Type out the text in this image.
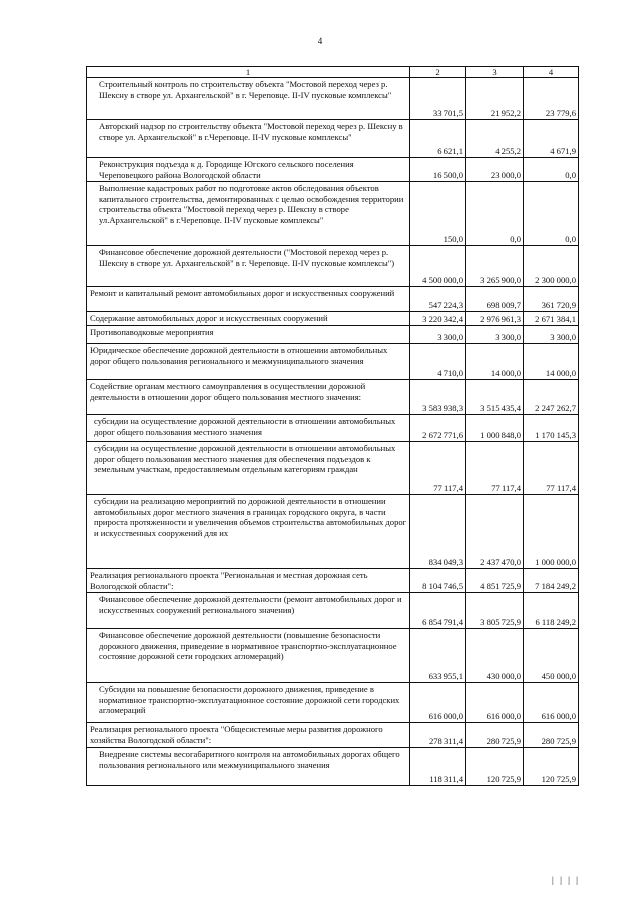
4
1	2	3	4
Строительный контроль по строительству объекта "Мостовой переход через р. Шексну в створе ул. Архангельской" в г. Череповце. II-IV пусковые комплексы"	33 701,5	21 952,2	23 779,6
Авторский надзор по строительству объекта "Мостовой переход через р. Шексну в створе ул. Архангельской" в г.Череповце. II-IV пусковые комплексы"	6 621,1	4 255,2	4 671,9
Реконструкция подъезда к д. Городище Югского сельского поселения Череповецкого района Вологодской области	16 500,0	23 000,0	0,0
Выполнение кадастровых работ по подготовке актов обследования объектов капитального строительства, демонтированных с целью освобождения территории строительства объекта "Мостовой переход через р. Шексну в створе ул.Архангельской" в г.Череповце. II-IV пусковые комплексы"	150,0	0,0	0,0
Финансовое обеспечение дорожной деятельности ("Мостовой переход через р. Шексну в створе ул. Архангельской" в г. Череповце. II-IV пусковые комплексы")	4 500 000,0	3 265 900,0	2 300 000,0
Ремонт и капитальный ремонт автомобильных дорог и искусственных сооружений	547 224,3	698 009,7	361 720,9
Содержание автомобильных дорог и искусственных сооружений	3 220 342,4	2 976 961,3	2 671 384,1
Противопаводковые мероприятия	3 300,0	3 300,0	3 300,0
Юридическое обеспечение дорожной деятельности в отношении автомобильных дорог общего пользования регионального и межмуниципального значения	4 710,0	14 000,0	14 000,0
Содействие органам местного самоуправления в осуществлении дорожной деятельности в отношении дорог общего пользования местного значения:	3 583 938,3	3 515 435,4	2 247 262,7
субсидии на осуществление дорожной деятельности в отношении автомобильных дорог общего пользования местного значения	2 672 771,6	1 000 848,0	1 170 145,3
субсидии на осуществление дорожной деятельности в отношении автомобильных дорог общего пользования местного значения для обеспечения подъездов к земельным участкам, предоставляемым отдельным категориям граждан	77 117,4	77 117,4	77 117,4
субсидии на реализацию мероприятий по дорожной деятельности в отношении автомобильных дорог местного значения в границах городского округа, в части прироста протяженности и увеличения объемов строительства автомобильных дорог и искусственных сооружений для их	834 049,3	2 437 470,0	1 000 000,0
Реализация регионального проекта "Региональная и местная дорожная сеть Вологодской области":	8 104 746,5	4 851 725,9	7 184 249,2
Финансовое обеспечение дорожной деятельности (ремонт автомобильных дорог и искусственных сооружений регионального значения)	6 854 791,4	3 805 725,9	6 118 249,2
Финансовое обеспечение дорожной деятельности (повышение безопасности дорожного движения, приведение в нормативное транспортно-эксплуатационное состояние дорожной сети городских агломераций)	633 955,1	430 000,0	450 000,0
Субсидии на повышение безопасности дорожного движения, приведение в нормативное транспортно-эксплуатационное состояние дорожной сети городских агломераций	616 000,0	616 000,0	616 000,0
Реализация регионального проекта "Общесистемные меры развития дорожного хозяйства Вологодской области":	278 311,4	280 725,9	280 725,9
Внедрение системы весогабаритного контроля на автомобильных дорогах общего пользования регионального или межмуниципального значения	118 311,4	120 725,9	120 725,9
| | | |
